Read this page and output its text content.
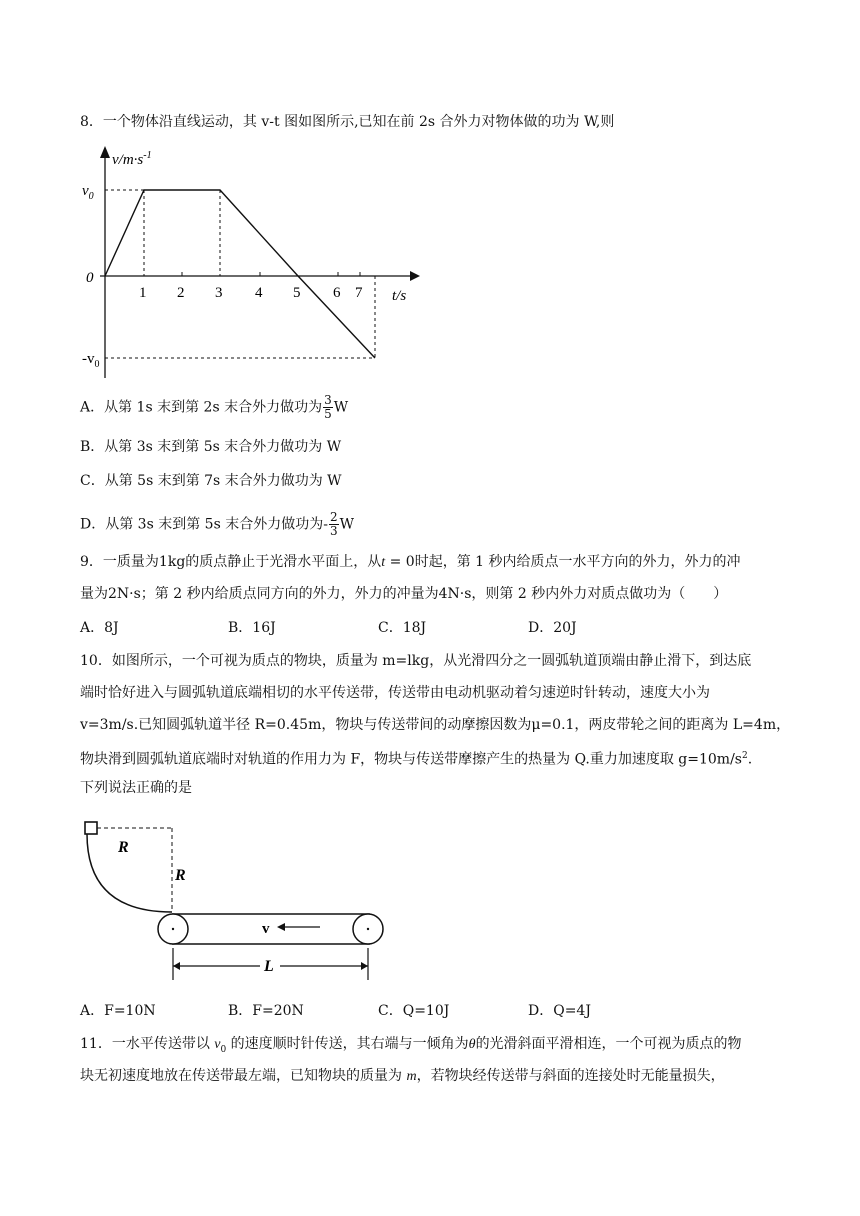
8．一个物体沿直线运动，其 v-t 图如图所示,已知在前 2s 合外力对物体做的功为 W,则
$v/m\cdot s^{-1}$
$v_0$
0
$-v_0$
t/s
1 2 3 4 5 6 7
A．从第 1s 末到第 2s 末合外力做功为 $\frac{3}{5}$ W
B．从第 3s 末到第 5s 末合外力做功为 W
C．从第 5s 末到第 7s 末合外力做功为 W
D．从第 3s 末到第 5s 末合外力做功为- $\frac{2}{3}$ W
9．一质量为1kg的质点静止于光滑水平面上，从t = 0时起，第 1 秒内给质点一水平方向的外力，外力的冲
量为2N·s；第 2 秒内给质点同方向的外力，外力的冲量为4N·s，则第 2 秒内外力对质点做功为（　　）
A．8J	B．16J	C．18J	D．20J
10．如图所示，一个可视为质点的物块，质量为 m=lkg，从光滑四分之一圆弧轨道顶端由静止滑下，到达底
端时恰好进入与圆弧轨道底端相切的水平传送带，传送带由电动机驱动着匀速逆时针转动，速度大小为
v=3m/s.已知圆弧轨道半径 R=0.45m，物块与传送带间的动摩擦因数为μ=0.1，两皮带轮之间的距离为 L=4m，
物块滑到圆弧轨道底端时对轨道的作用力为 F，物块与传送带摩擦产生的热量为 Q.重力加速度取 $g=10m/s^2$.
下列说法正确的是
R
R
v
L
A．F=10N	B．F=20N	C．Q=10J	D．Q=4J
11．一水平传送带以 $v_0$ 的速度顺时针传送，其右端与一倾角为θ的光滑斜面平滑相连，一个可视为质点的物
块无初速度地放在传送带最左端，已知物块的质量为 m，若物块经传送带与斜面的连接处时无能量损失，
